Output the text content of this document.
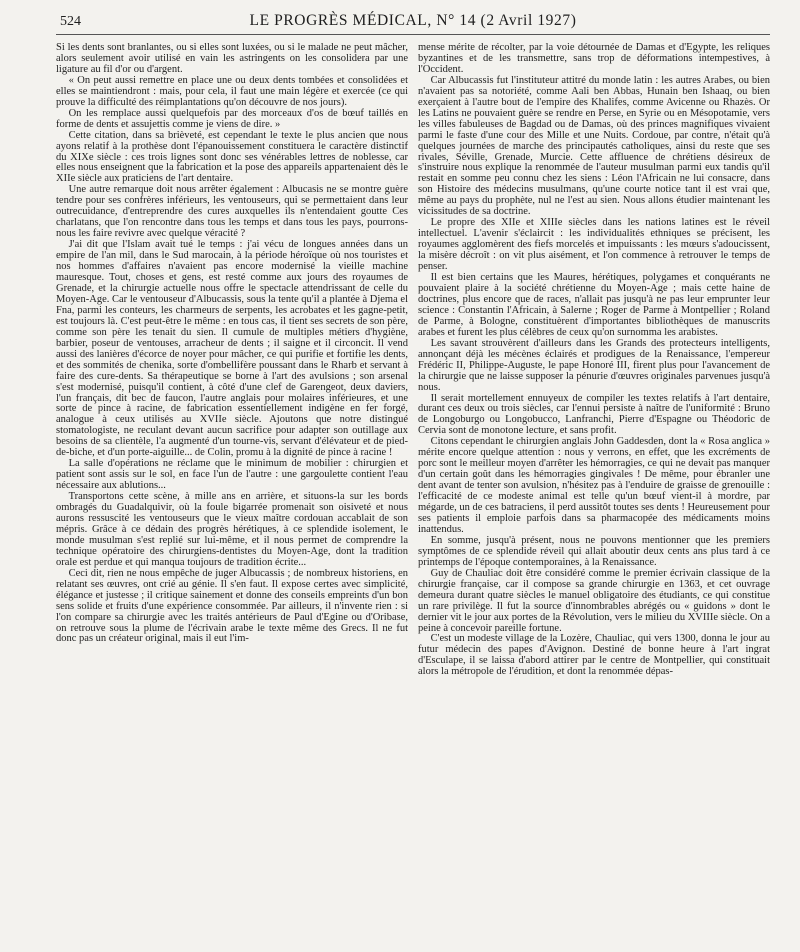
524	LE PROGRÈS MÉDICAL, N° 14 (2 Avril 1927)

Si les dents sont branlantes, ou si elles sont luxées, ou si le malade ne peut mâcher, alors seulement avoir utilisé en vain les astringents on les consolidera par une ligature au fil d'or ou d'argent.

« On peut aussi remettre en place une ou deux dents tombées et consolidées et elles se maintiendront : mais, pour cela, il faut une main légère et exercée (ce qui prouve la difficulté des réimplantations qu'on découvre de nos jours).

On les remplace aussi quelquefois par des morceaux d'os de bœuf taillés en forme de dents et assujettis comme je viens de dire. »

Cette citation, dans sa brièveté, est cependant le texte le plus ancien que nous ayons relatif à la prothèse dont l'épanouissement constituera le caractère distinctif du XIXe siècle : ces trois lignes sont donc ses vénérables lettres de noblesse, car elles nous enseignent que la fabrication et la pose des appareils appartenaient dès le XIIe siècle aux praticiens de l'art dentaire.

Une autre remarque doit nous arrêter également : Albucasis ne se montre guère tendre pour ses confrères inférieurs, les ventouseurs, qui se permettaient dans leur outrecuidance, d'entreprendre des cures auxquelles ils n'entendaient goutte Ces charlatans, que l'on rencontre dans tous les temps et dans tous les pays, pourrons-nous les faire revivre avec quelque véracité ?

J'ai dit que l'Islam avait tué le temps : j'ai vécu de longues années dans un empire de l'an mil, dans le Sud marocain, à la période héroïque où nos touristes et nos hommes d'affaires n'avaient pas encore modernisé la vieille machine mauresque. Tout, choses et gens, est resté comme aux jours des royaumes de Grenade, et la chirurgie actuelle nous offre le spectacle attendrissant de celle du Moyen-Age. Car le ventouseur d'Albucassis, sous la tente qu'il a plantée à Djema el Fna, parmi les conteurs, les charmeurs de serpents, les acrobates et les gagne-petit, est toujours là. C'est peut-être le même : en tous cas, il tient ses secrets de son père, comme son père les tenait du sien. Il cumule de multiples métiers d'hygiène, barbier, poseur de ventouses, arracheur de dents ; il saigne et il circoncit. Il vend aussi des lanières d'écorce de noyer pour mâcher, ce qui purifie et fortifie les dents, et des sommités de chenika, sorte d'ombellifère poussant dans le Rharb et servant à faire des cure-dents. Sa thérapeutique se borne à l'art des avulsions ; son arsenal s'est modernisé, puisqu'il contient, à côté d'une clef de Garengeot, deux daviers, l'un français, dit bec de faucon, l'autre anglais pour molaires inférieures, et une sorte de pince à racine, de fabrication essentiellement indigène en fer forgé, analogue à ceux utilisés au XVIIe siècle. Ajoutons que notre distingué stomatologiste, ne reculant devant aucun sacrifice pour adapter son outillage aux besoins de sa clientèle, l'a augmenté d'un tourne-vis, servant d'élévateur et de pied-de-biche, et d'un porte-aiguille... de Colin, promu à la dignité de pince à racine !

La salle d'opérations ne réclame que le minimum de mobilier : chirurgien et patient sont assis sur le sol, en face l'un de l'autre : une gargoulette contient l'eau nécessaire aux ablutions...

Transportons cette scène, à mille ans en arrière, et situons-la sur les bords ombragés du Guadalquivir, où la foule bigarrée promenait son oisiveté et nous aurons ressuscité les ventouseurs que le vieux maître cordouan accablait de son mépris. Grâce à ce dédain des progrès hérétiques, à ce splendide isolement, le monde musulman s'est replié sur lui-même, et il nous permet de comprendre la technique opératoire des chirurgiens-dentistes du Moyen-Age, dont la tradition orale est perdue et qui manqua toujours de tradition écrite...

Ceci dit, rien ne nous empêche de juger Albucassis ; de nombreux historiens, en relatant ses œuvres, ont crié au génie. Il s'en faut. Il expose certes avec simplicité, élégance et justesse ; il critique sainement et donne des conseils empreints d'un bon sens solide et fruits d'une expérience consommée. Par ailleurs, il n'invente rien : si l'on compare sa chirurgie avec les traités antérieurs de Paul d'Egine ou d'Oribase, on retrouve sous la plume de l'écrivain arabe le texte même des Grecs. Il ne fut donc pas un créateur original, mais il eut l'im-

mense mérite de récolter, par la voie détournée de Damas et d'Egypte, les reliques byzantines et de les transmettre, sans trop de déformations intempestives, à l'Occident.

Car Albucassis fut l'instituteur attitré du monde latin : les autres Arabes, ou bien n'avaient pas sa notoriété, comme Aali ben Abbas, Hunain ben Ishaaq, ou bien exerçaient à l'autre bout de l'empire des Khalifes, comme Avicenne ou Rhazès. Or les Latins ne pouvaient guère se rendre en Perse, en Syrie ou en Mésopotamie, vers les villes fabuleuses de Bagdad ou de Damas, où des princes magnifiques vivaient parmi le faste d'une cour des Mille et une Nuits. Cordoue, par contre, n'était qu'à quelques journées de marche des principautés catholiques, ainsi du reste que ses rivales, Séville, Grenade, Murcie. Cette affluence de chrétiens désireux de s'instruire nous explique la renommée de l'auteur musulman parmi eux tandis qu'il restait en somme peu connu chez les siens : Léon l'Africain ne lui consacre, dans son Histoire des médecins musulmans, qu'une courte notice tant il est vrai que, même au pays du prophète, nul ne l'est au sien. Nous allons étudier maintenant les vicissitudes de sa doctrine.

Le propre des XIIe et XIIIe siècles dans les nations latines est le réveil intellectuel. L'avenir s'éclaircit : les individualités ethniques se précisent, les royaumes agglomèrent des fiefs morcelés et impuissants : les mœurs s'adoucissent, la misère décroît : on vit plus aisément, et l'on commence à retrouver le temps de penser.

Il est bien certains que les Maures, hérétiques, polygames et conquérants ne pouvaient plaire à la société chrétienne du Moyen-Age ; mais cette haine de doctrines, plus encore que de races, n'allait pas jusqu'à ne pas leur emprunter leur science : Constantin l'Africain, à Salerne ; Roger de Parme à Montpellier ; Roland de Parme, à Bologne, constituèrent d'importantes bibliothèques de manuscrits arabes et furent les plus célèbres de ceux qu'on surnomma les arabistes.

Les savant strouvèrent d'ailleurs dans les Grands des protecteurs intelligents, annonçant déjà les mécènes éclairés et prodigues de la Renaissance, l'empereur Frédéric II, Philippe-Auguste, le pape Honoré III, firent plus pour l'avancement de la chirurgie que ne laisse supposer la pénurie d'œuvres originales parvenues jusqu'à nous.

Il serait mortellement ennuyeux de compiler les textes relatifs à l'art dentaire, durant ces deux ou trois siècles, car l'ennui persiste à naître de l'uniformité : Bruno de Longoburgo ou Longobucco, Lanfranchi, Pierre d'Espagne ou Théodoric de Cervia sont de monotone lecture, et sans profit.

Citons cependant le chirurgien anglais John Gaddesden, dont la « Rosa anglica » mérite encore quelque attention : nous y verrons, en effet, que les excréments de porc sont le meilleur moyen d'arrêter les hémorragies, ce qui ne devait pas manquer d'un certain goût dans les hémorragies gingivales ! De même, pour ébranler une dent avant de tenter son avulsion, n'hésitez pas à l'enduire de graisse de grenouille : l'efficacité de ce modeste animal est telle qu'un bœuf vient-il à mordre, par mégarde, un de ces batraciens, il perd aussitôt toutes ses dents ! Heureusement pour ses patients il emploie parfois dans sa pharmacopée des médicaments moins inattendus.

En somme, jusqu'à présent, nous ne pouvons mentionner que les premiers symptômes de ce splendide réveil qui allait aboutir deux cents ans plus tard à ce printemps de l'époque contemporaines, à la Renaissance.

Guy de Chauliac doit être considéré comme le premier écrivain classique de la chirurgie française, car il compose sa grande chirurgie en 1363, et cet ouvrage demeura durant quatre siècles le manuel obligatoire des étudiants, ce qui constitue un rare privilège. Il fut la source d'innombrables abrégés ou « guidons » dont le dernier vit le jour aux portes de la Révolution, vers le milieu du XVIIIe siècle. On a peine à concevoir pareille fortune.

C'est un modeste village de la Lozère, Chauliac, qui vers 1300, donna le jour au futur médecin des papes d'Avignon. Destiné de bonne heure à l'art ingrat d'Esculape, il se laissa d'abord attirer par le centre de Montpellier, qui constituait alors la métropole de l'érudition, et dont la renommée dépas-
